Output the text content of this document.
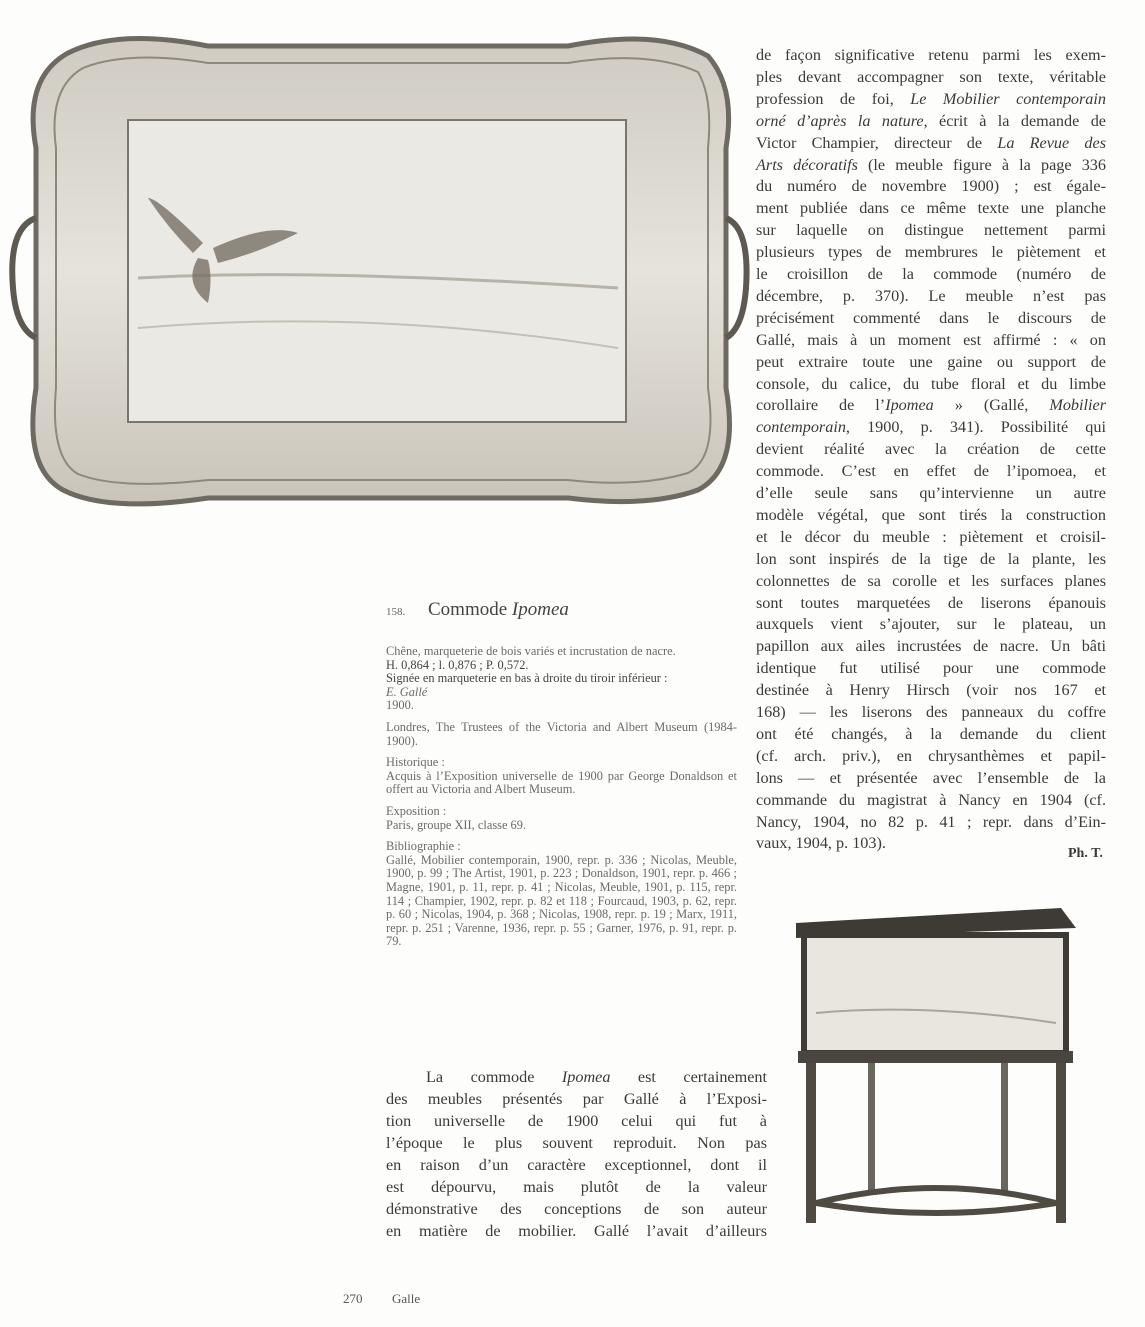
de façon significative retenu parmi les exem-
ples devant accompagner son texte, véritable
profession de foi, Le Mobilier contemporain
orné d’après la nature, écrit à la demande de
Victor Champier, directeur de La Revue des
Arts décoratifs (le meuble figure à la page 336
du numéro de novembre 1900) ; est égale-
ment publiée dans ce même texte une planche
sur laquelle on distingue nettement parmi
plusieurs types de membrures le piètement et
le croisillon de la commode (numéro de
décembre, p. 370). Le meuble n’est pas
précisément commenté dans le discours de
Gallé, mais à un moment est affirmé : « on
peut extraire toute une gaine ou support de
console, du calice, du tube floral et du limbe
corollaire de l’Ipomea » (Gallé, Mobilier
contemporain, 1900, p. 341). Possibilité qui
devient réalité avec la création de cette
commode. C’est en effet de l’ipomoea, et
d’elle seule sans qu’intervienne un autre
modèle végétal, que sont tirés la construction
et le décor du meuble : piètement et croisil-
lon sont inspirés de la tige de la plante, les
colonnettes de sa corolle et les surfaces planes
sont toutes marquetées de liserons épanouis
auxquels vient s’ajouter, sur le plateau, un
papillon aux ailes incrustées de nacre. Un bâti
identique fut utilisé pour une commode
destinée à Henry Hirsch (voir nos 167 et
168) — les liserons des panneaux du coffre
ont été changés, à la demande du client
(cf. arch. priv.), en chrysanthèmes et papil-
lons — et présentée avec l’ensemble de la
commande du magistrat à Nancy en 1904 (cf.
Nancy, 1904, no 82 p. 41 ; repr. dans d’Ein-
vaux, 1904, p. 103).
Ph. T.
158. Commode Ipomea

Chêne, marqueterie de bois variés et incrustation de nacre.
H. 0,864 ; l. 0,876 ; P. 0,572.
Signée en marqueterie en bas à droite du tiroir inférieur :
E. Gallé
1900.

Londres, The Trustees of the Victoria and Albert Museum (1984-1900).

Historique :
Acquis à l’Exposition universelle de 1900 par George Donaldson et offert au Victoria and Albert Museum.

Exposition :
Paris, groupe XII, classe 69.

Bibliographie :
Gallé, Mobilier contemporain, 1900, repr. p. 336 ; Nicolas, Meuble, 1900, p. 99 ; The Artist, 1901, p. 223 ; Donaldson, 1901, repr. p. 466 ; Magne, 1901, p. 11, repr. p. 41 ; Nicolas, Meuble, 1901, p. 115, repr. 114 ; Champier, 1902, repr. p. 82 et 118 ; Fourcaud, 1903, p. 62, repr. p. 60 ; Nicolas, 1904, p. 368 ; Nicolas, 1908, repr. p. 19 ; Marx, 1911, repr. p. 251 ; Varenne, 1936, repr. p. 55 ; Garner, 1976, p. 91, repr. p. 79.

La commode Ipomea est certainement
des meubles présentés par Gallé à l’Exposi-
tion universelle de 1900 celui qui fut à
l’époque le plus souvent reproduit. Non pas
en raison d’un caractère exceptionnel, dont il
est dépourvu, mais plutôt de la valeur
démonstrative des conceptions de son auteur
en matière de mobilier. Gallé l’avait d’ailleurs
270 Galle
